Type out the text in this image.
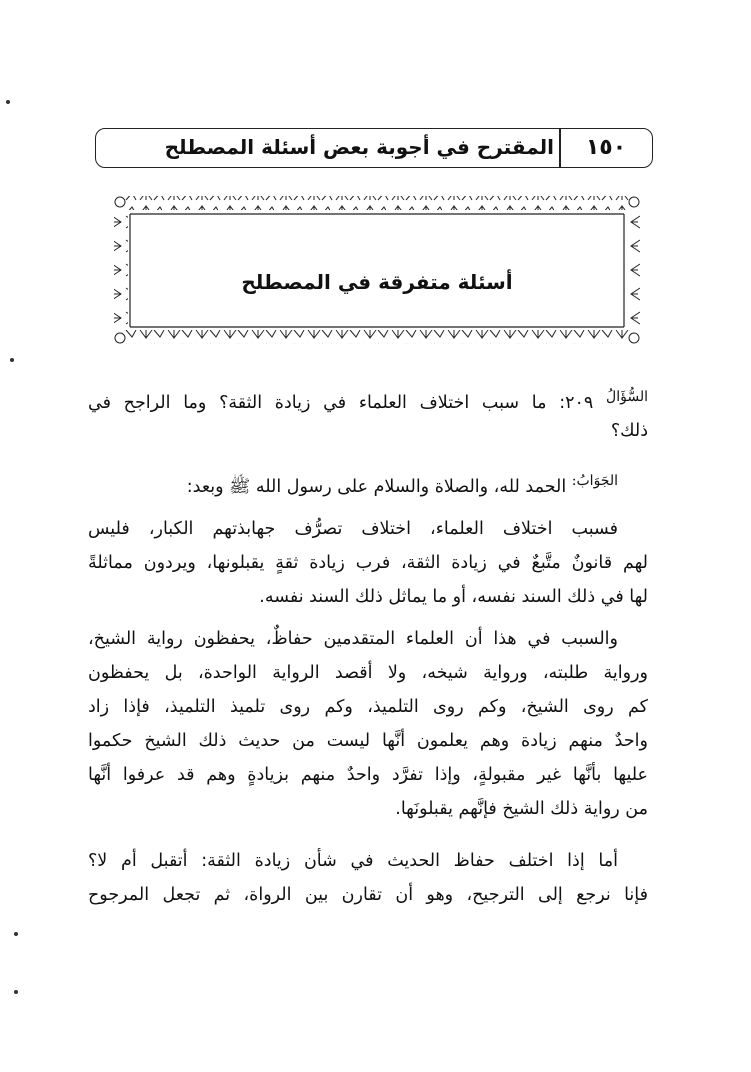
المقترح في أجوبة بعض أسئلة المصطلح	١٥٠
أسئلة متفرقة في المصطلح
$^{السُّؤَالُ}$ ٢٠٩: ما سبب اختلاف العلماء في زيادة الثقة؟ وما الراجح في
ذلك؟
$^{الجَوَابُ:}$ الحمد لله، والصلاة والسلام على رسول الله ﷺ وبعد:
فسبب اختلاف العلماء، اختلاف تصرُّف جهابذتهم الكبار، فليس
لهم قانونٌ متَّبعٌ في زيادة الثقة، فرب زيادة ثقةٍ يقبلونها، ويردون مماثلةً
لها في ذلك السند نفسه، أو ما يماثل ذلك السند نفسه.
والسبب في هذا أن العلماء المتقدمين حفاظٌ، يحفظون رواية الشيخ،
ورواية طلبته، ورواية شيخه، ولا أقصد الرواية الواحدة، بل يحفظون
كم روى الشيخ، وكم روى التلميذ، وكم روى تلميذ التلميذ، فإذا زاد
واحدٌ منهم زيادة وهم يعلمون أنَّها ليست من حديث ذلك الشيخ حكموا
عليها بأنَّها غير مقبولةٍ، وإذا تفرَّد واحدٌ منهم بزيادةٍ وهم قد عرفوا أنَّها
من رواية ذلك الشيخ فإنَّهم يقبلونَها.
أما إذا اختلف حفاظ الحديث في شأن زيادة الثقة: أتقبل أم لا؟
فإنا نرجع إلى الترجيح، وهو أن تقارن بين الرواة، ثم تجعل المرجوح
